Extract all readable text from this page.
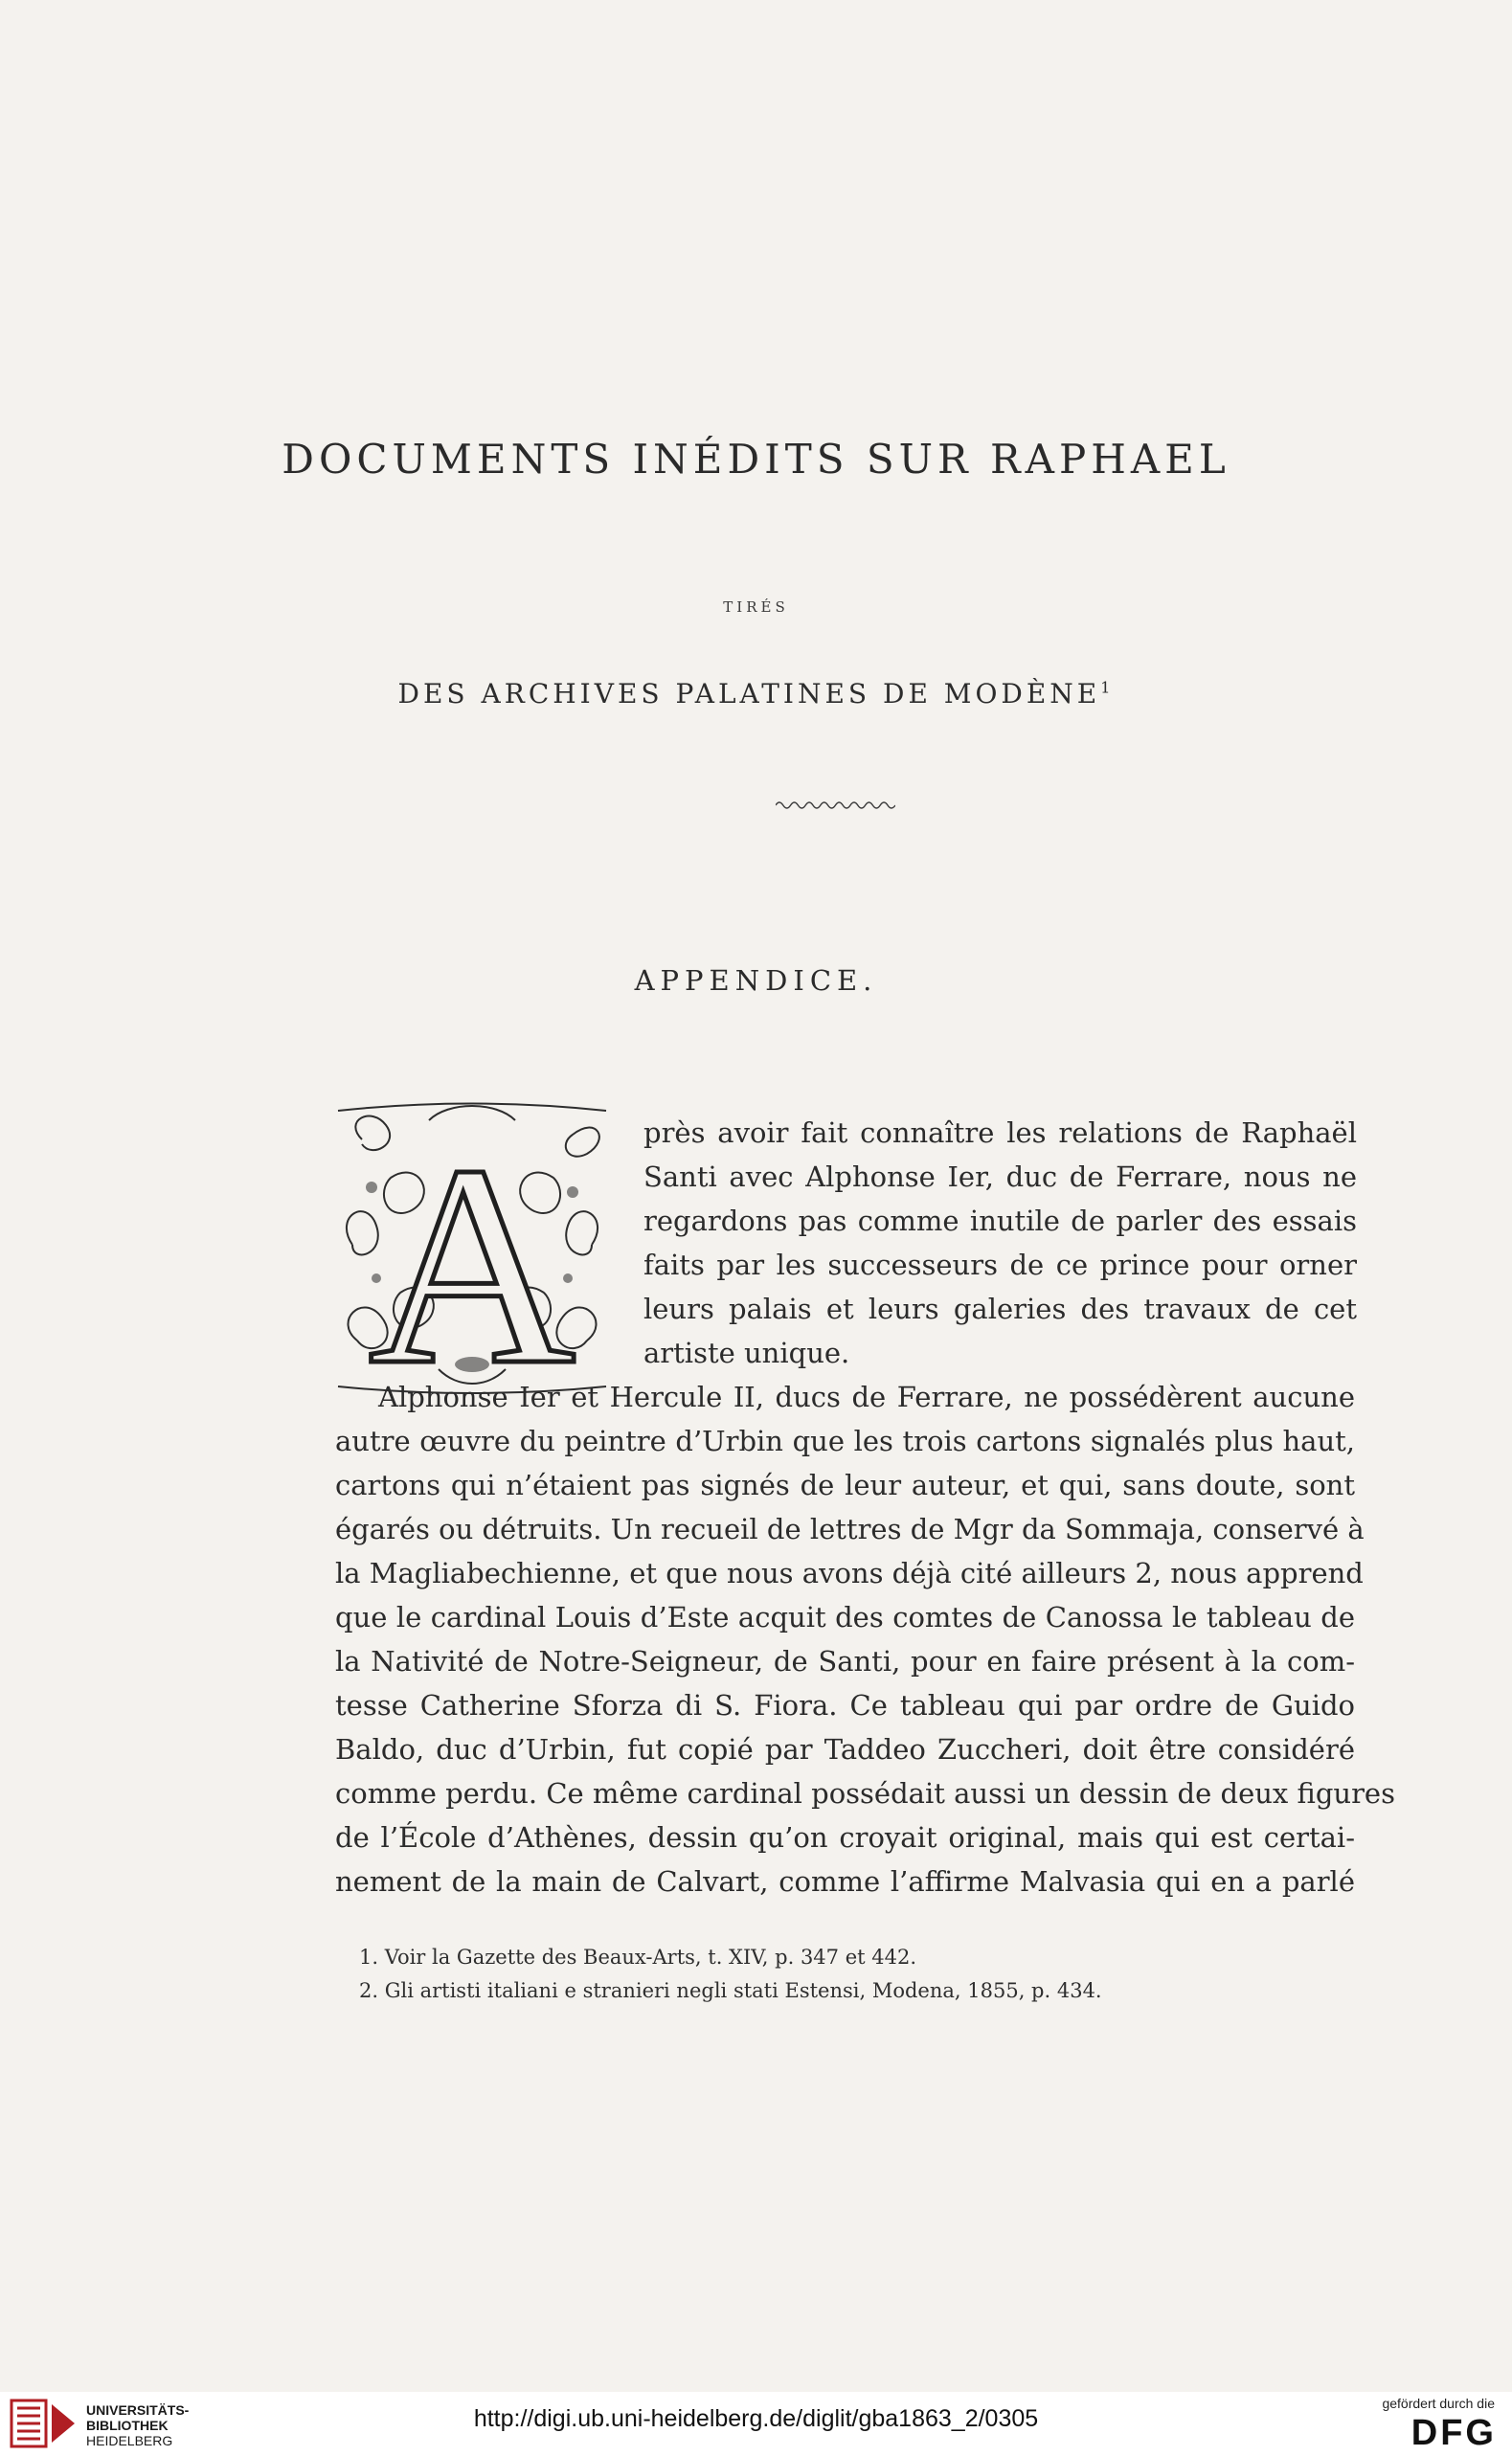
DOCUMENTS INÉDITS SUR RAPHAEL
TIRÉS
DES ARCHIVES PALATINES DE MODÈNE$^1$
APPENDICE.
A près avoir fait connaître les relations de Raphaël
Santi avec Alphonse Ier, duc de Ferrare, nous ne
regardons pas comme inutile de parler des essais
faits par les successeurs de ce prince pour orner
leurs palais et leurs galeries des travaux de cet
artiste unique.
Alphonse Ier et Hercule II, ducs de Ferrare, ne possédèrent aucune
autre œuvre du peintre d’Urbin que les trois cartons signalés plus haut,
cartons qui n’étaient pas signés de leur auteur, et qui, sans doute, sont
égarés ou détruits. Un recueil de lettres de Mgr da Sommaja, conservé à
la Magliabechienne, et que nous avons déjà cité ailleurs 2, nous apprend
que le cardinal Louis d’Este acquit des comtes de Canossa le tableau de
la Nativité de Notre-Seigneur, de Santi, pour en faire présent à la com-
tesse Catherine Sforza di S. Fiora. Ce tableau qui par ordre de Guido
Baldo, duc d’Urbin, fut copié par Taddeo Zuccheri, doit être considéré
comme perdu. Ce même cardinal possédait aussi un dessin de deux figures
de l’École d’Athènes, dessin qu’on croyait original, mais qui est certai-
nement de la main de Calvart, comme l’affirme Malvasia qui en a parlé
1. Voir la Gazette des Beaux-Arts, t. XIV, p. 347 et 442.
2. Gli artisti italiani e stranieri negli stati Estensi, Modena, 1855, p. 434.
UNIVERSITÄTS-
BIBLIOTHEK
HEIDELBERG
http://digi.ub.uni-heidelberg.de/diglit/gba1863_2/0305
gefördert durch die
DFG
